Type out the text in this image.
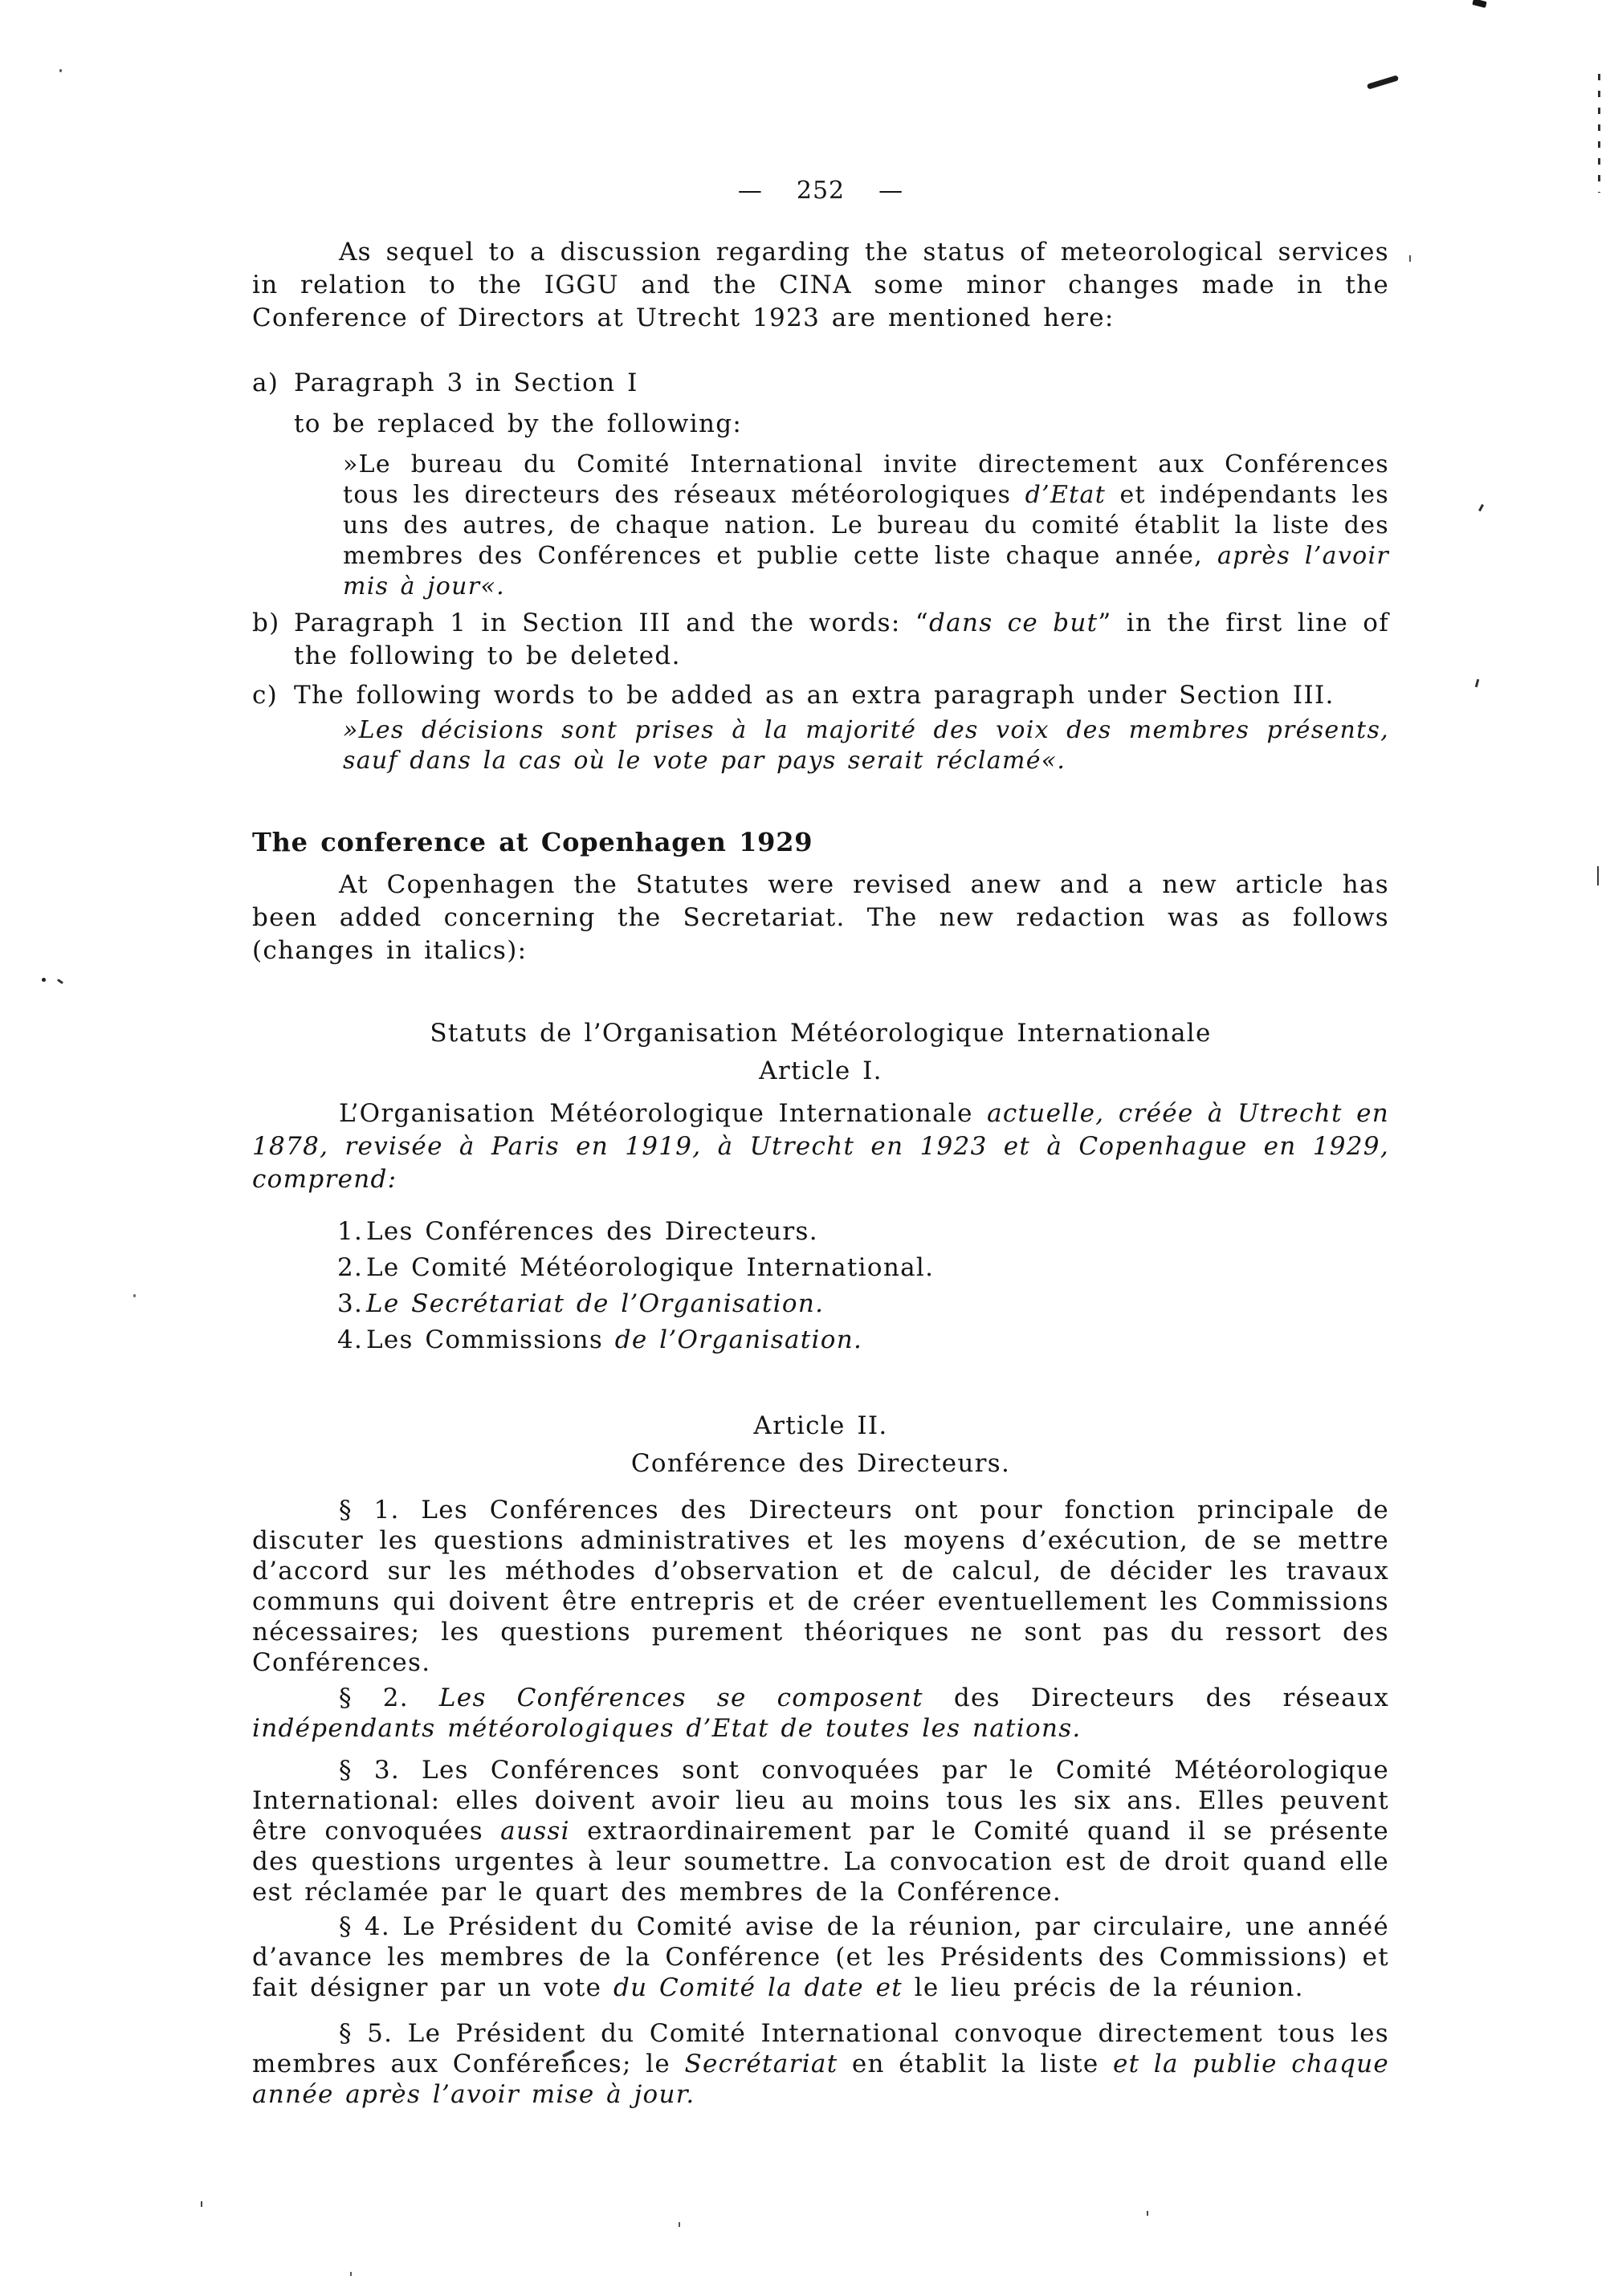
— 252 —
As sequel to a discussion regarding the status of meteorological services in relation to the IGGU and the CINA some minor changes made in the Conference of Directors at Utrecht 1923 are mentioned here:
a) Paragraph 3 in Section I
to be replaced by the following:
»Le bureau du Comité International invite directement aux Conférences tous les directeurs des réseaux météorologiques d’Etat et indépendants les uns des autres, de chaque nation. Le bureau du comité établit la liste des membres des Conférences et publie cette liste chaque année, après l’avoir mis à jour«.
b) Paragraph 1 in Section III and the words: “dans ce but” in the first line of the following to be deleted.
c) The following words to be added as an extra paragraph under Section III.
»Les décisions sont prises à la majorité des voix des membres présents, sauf dans la cas où le vote par pays serait réclamé«.
The conference at Copenhagen 1929
At Copenhagen the Statutes were revised anew and a new article has been added concerning the Secretariat. The new redaction was as follows (changes in italics):
Statuts de l’Organisation Météorologique Internationale
Article I.
L’Organisation Météorologique Internationale actuelle, créée à Utrecht en 1878, revisée à Paris en 1919, à Utrecht en 1923 et à Copenhague en 1929, comprend:
1. Les Conférences des Directeurs.
2. Le Comité Météorologique International.
3. Le Secrétariat de l’Organisation.
4. Les Commissions de l’Organisation.
Article II.
Conférence des Directeurs.
§ 1. Les Conférences des Directeurs ont pour fonction principale de discuter les questions administratives et les moyens d’exécution, de se mettre d’accord sur les méthodes d’observation et de calcul, de décider les travaux communs qui doivent être entrepris et de créer eventuellement les Commissions nécessaires; les questions purement théoriques ne sont pas du ressort des Conférences.
§ 2. Les Conférences se composent des Directeurs des réseaux indépendants météorologiques d’Etat de toutes les nations.
§ 3. Les Conférences sont convoquées par le Comité Météorologique International: elles doivent avoir lieu au moins tous les six ans. Elles peuvent être convoquées aussi extraordinairement par le Comité quand il se présente des questions urgentes à leur soumettre. La convocation est de droit quand elle est réclamée par le quart des membres de la Conférence.
§ 4. Le Président du Comité avise de la réunion, par circulaire, une annéé d’avance les membres de la Conférence (et les Présidents des Commissions) et fait désigner par un vote du Comité la date et le lieu précis de la réunion.
§ 5. Le Président du Comité International convoque directement tous les membres aux Conférences; le Secrétariat en établit la liste et la publie chaque année après l’avoir mise à jour.
